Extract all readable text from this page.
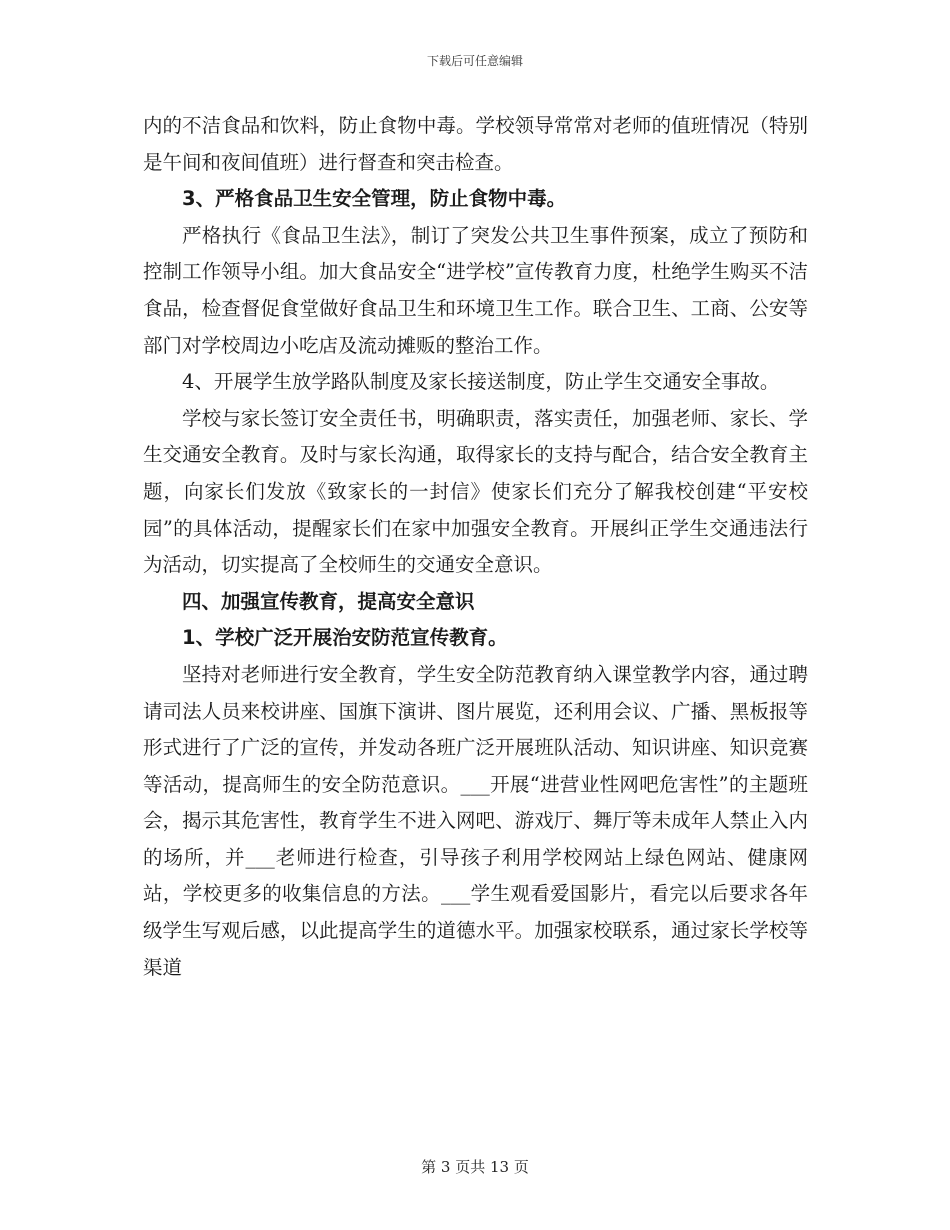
下载后可任意编辑

内的不洁食品和饮料，防止食物中毒。学校领导常常对老师的值班情况（特别是午间和夜间值班）进行督查和突击检查。

3、严格食品卫生安全管理，防止食物中毒。

严格执行《食品卫生法》，制订了突发公共卫生事件预案，成立了预防和控制工作领导小组。加大食品安全“进学校”宣传教育力度，杜绝学生购买不洁食品，检查督促食堂做好食品卫生和环境卫生工作。联合卫生、工商、公安等部门对学校周边小吃店及流动摊贩的整治工作。

4、开展学生放学路队制度及家长接送制度，防止学生交通安全事故。

学校与家长签订安全责任书，明确职责，落实责任，加强老师、家长、学生交通安全教育。及时与家长沟通，取得家长的支持与配合，结合安全教育主题，向家长们发放《致家长的一封信》使家长们充分了解我校创建“平安校园”的具体活动，提醒家长们在家中加强安全教育。开展纠正学生交通违法行为活动，切实提高了全校师生的交通安全意识。

四、加强宣传教育，提高安全意识

1、学校广泛开展治安防范宣传教育。

坚持对老师进行安全教育，学生安全防范教育纳入课堂教学内容，通过聘请司法人员来校讲座、国旗下演讲、图片展览，还利用会议、广播、黑板报等形式进行了广泛的宣传，并发动各班广泛开展班队活动、知识讲座、知识竞赛等活动，提高师生的安全防范意识。___开展“进营业性网吧危害性”的主题班会，揭示其危害性，教育学生不进入网吧、游戏厅、舞厅等未成年人禁止入内的场所，并___老师进行检查，引导孩子利用学校网站上绿色网站、健康网站，学校更多的收集信息的方法。___学生观看爱国影片，看完以后要求各年级学生写观后感，以此提高学生的道德水平。加强家校联系，通过家长学校等渠道

第 3 页共 13 页
